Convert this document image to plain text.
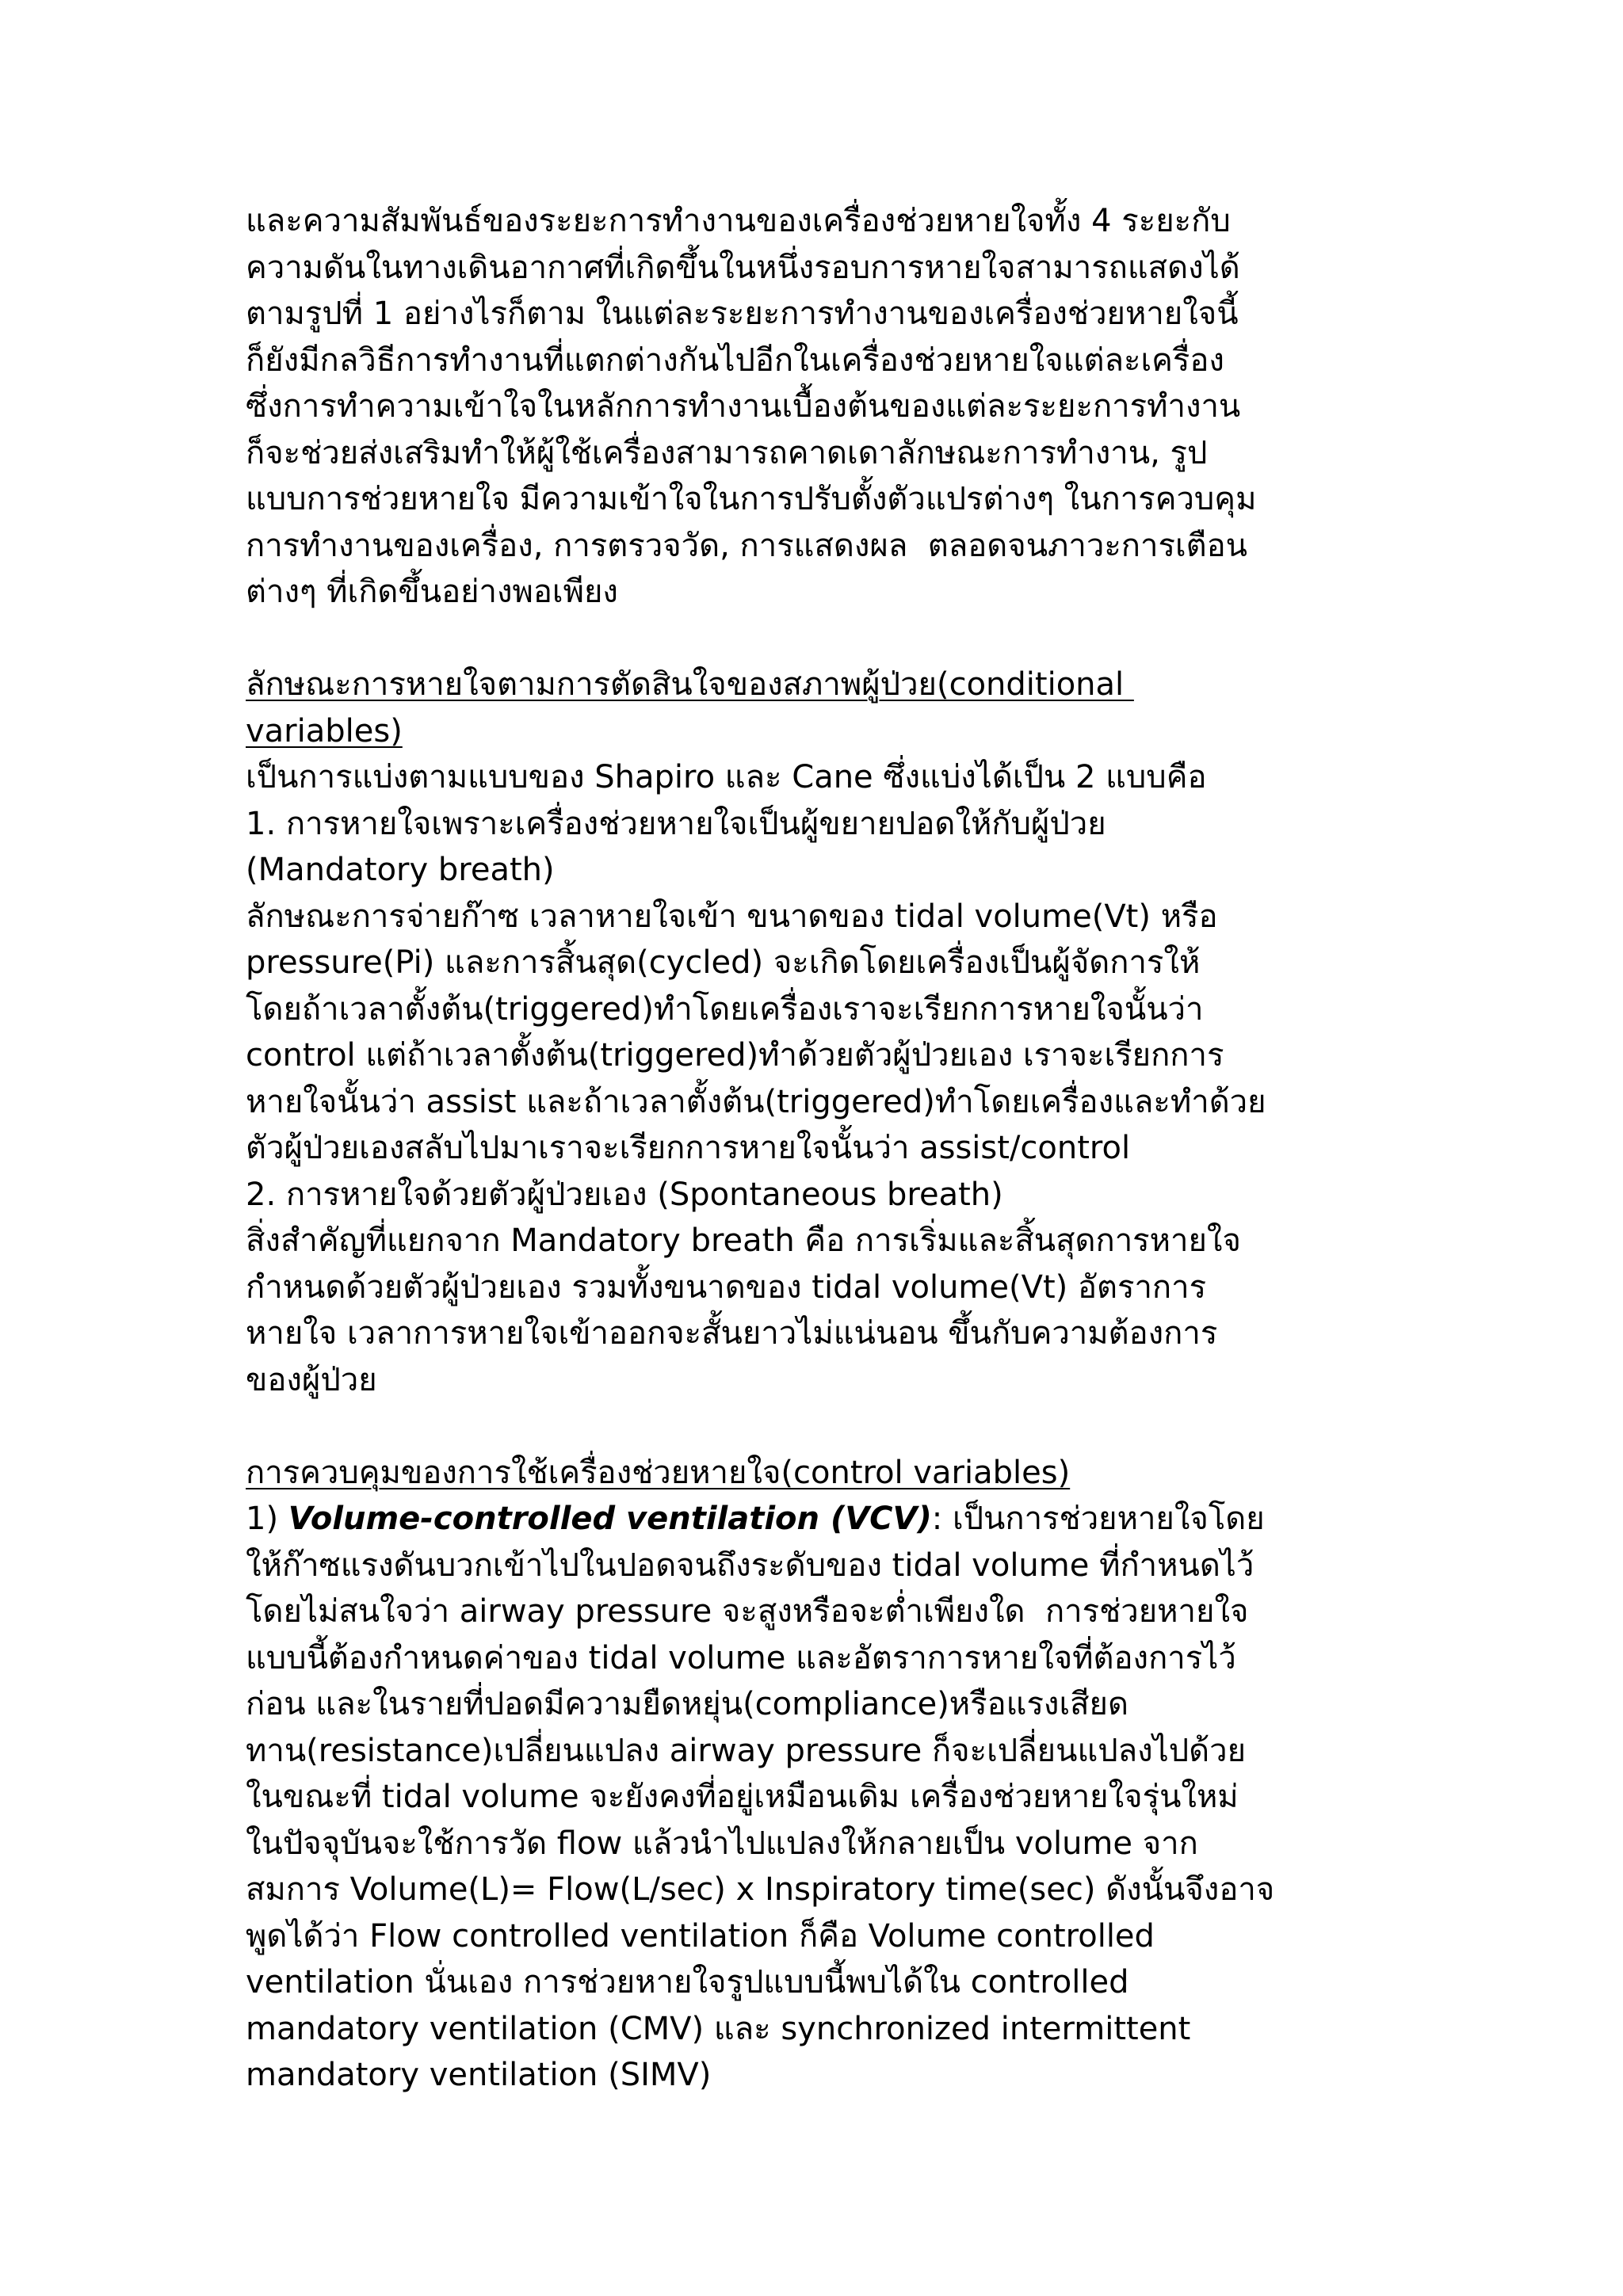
และความสัมพันธ์ของระยะการทำงานของเครื่องช่วยหายใจทั้ง 4 ระยะกับ
ความดันในทางเดินอากาศที่เกิดขึ้นในหนึ่งรอบการหายใจสามารถแสดงได้
ตามรูปที่ 1 อย่างไรก็ตาม ในแต่ละระยะการทำงานของเครื่องช่วยหายใจนี้
ก็ยังมีกลวิธีการทำงานที่แตกต่างกันไปอีกในเครื่องช่วยหายใจแต่ละเครื่อง
ซึ่งการทำความเข้าใจในหลักการทำงานเบื้องต้นของแต่ละระยะการทำงาน
ก็จะช่วยส่งเสริมทำให้ผู้ใช้เครื่องสามารถคาดเดาลักษณะการทำงาน, รูป
แบบการช่วยหายใจ มีความเข้าใจในการปรับตั้งตัวแปรต่างๆ ในการควบคุม
การทำงานของเครื่อง, การตรวจวัด, การแสดงผล  ตลอดจนภาวะการเตือน
ต่างๆ ที่เกิดขึ้นอย่างพอเพียง
ลักษณะการหายใจตามการตัดสินใจของสภาพผู้ป่วย(conditional
variables)
เป็นการแบ่งตามแบบของ Shapiro และ Cane ซึ่งแบ่งได้เป็น 2 แบบคือ
1. การหายใจเพราะเครื่องช่วยหายใจเป็นผู้ขยายปอดให้กับผู้ป่วย
(Mandatory breath)
ลักษณะการจ่ายก๊าซ เวลาหายใจเข้า ขนาดของ tidal volume(Vt) หรือ
pressure(Pi) และการสิ้นสุด(cycled) จะเกิดโดยเครื่องเป็นผู้จัดการให้
โดยถ้าเวลาตั้งต้น(triggered)ทำโดยเครื่องเราจะเรียกการหายใจนั้นว่า
control แต่ถ้าเวลาตั้งต้น(triggered)ทำด้วยตัวผู้ป่วยเอง เราจะเรียกการ
หายใจนั้นว่า assist และถ้าเวลาตั้งต้น(triggered)ทำโดยเครื่องและทำด้วย
ตัวผู้ป่วยเองสลับไปมาเราจะเรียกการหายใจนั้นว่า assist/control
2. การหายใจด้วยตัวผู้ป่วยเอง (Spontaneous breath)
สิ่งสำคัญที่แยกจาก Mandatory breath คือ การเริ่มและสิ้นสุดการหายใจ
กำหนดด้วยตัวผู้ป่วยเอง รวมทั้งขนาดของ tidal volume(Vt) อัตราการ
หายใจ เวลาการหายใจเข้าออกจะสั้นยาวไม่แน่นอน ขึ้นกับความต้องการ
ของผู้ป่วย
การควบคุมของการใช้เครื่องช่วยหายใจ(control variables)
1) Volume-controlled ventilation (VCV): เป็นการช่วยหายใจโดย
ให้ก๊าซแรงดันบวกเข้าไปในปอดจนถึงระดับของ tidal volume ที่กำหนดไว้
โดยไม่สนใจว่า airway pressure จะสูงหรือจะต่ำเพียงใด  การช่วยหายใจ
แบบนี้ต้องกำหนดค่าของ tidal volume และอัตราการหายใจที่ต้องการไว้
ก่อน และในรายที่ปอดมีความยืดหยุ่น(compliance)หรือแรงเสียด
ทาน(resistance)เปลี่ยนแปลง airway pressure ก็จะเปลี่ยนแปลงไปด้วย
ในขณะที่ tidal volume จะยังคงที่อยู่เหมือนเดิม เครื่องช่วยหายใจรุ่นใหม่
ในปัจจุบันจะใช้การวัด flow แล้วนำไปแปลงให้กลายเป็น volume จาก
สมการ Volume(L)= Flow(L/sec) x Inspiratory time(sec) ดังนั้นจึงอาจ
พูดได้ว่า Flow controlled ventilation ก็คือ Volume controlled
ventilation นั่นเอง การช่วยหายใจรูปแบบนี้พบได้ใน controlled
mandatory ventilation (CMV) และ synchronized intermittent
mandatory ventilation (SIMV)
